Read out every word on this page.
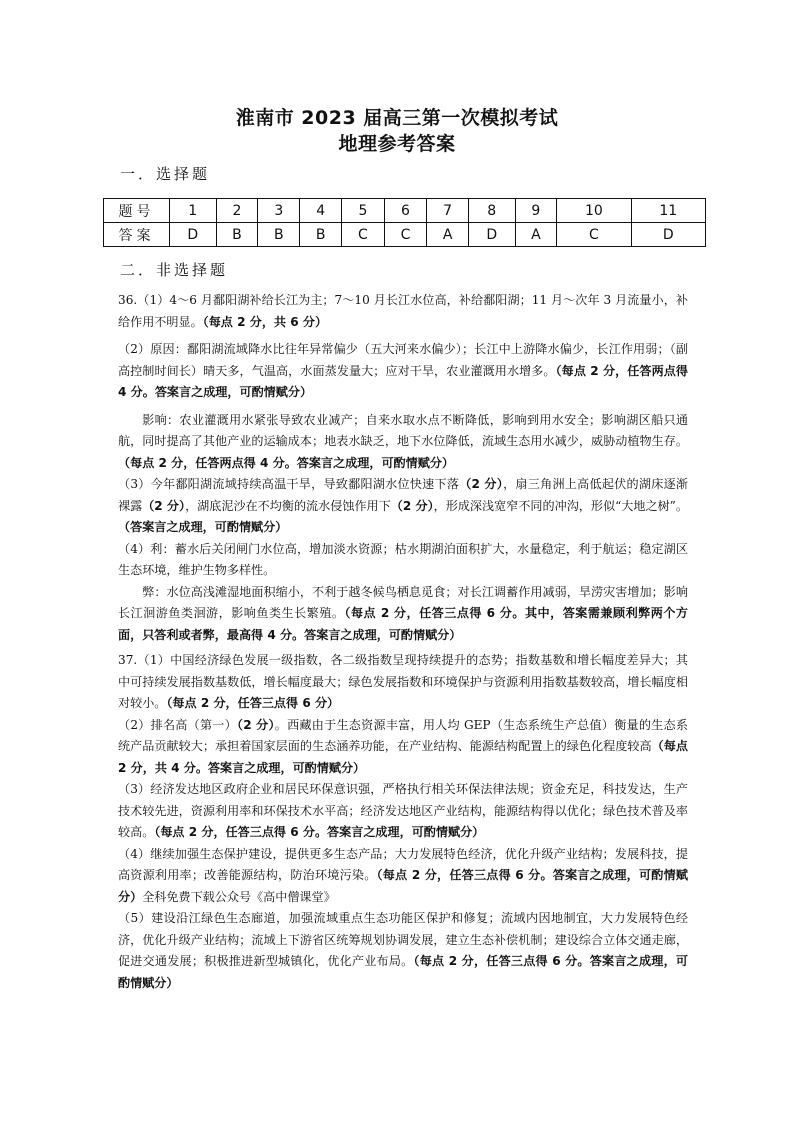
淮南市 2023 届高三第一次模拟考试
地理参考答案
一．选择题
题号	1	2	3	4	5	6	7	8	9	10	11
答案	D	B	B	B	C	C	A	D	A	C	D
二．非选择题

36.（1）4～6 月鄱阳湖补给长江为主；7～10 月长江水位高，补给鄱阳湖；11 月～次年 3 月流量小，补给作用不明显。（每点 2 分，共 6 分）

（2）原因：鄱阳湖流域降水比往年异常偏少（五大河来水偏少）；长江中上游降水偏少，长江作用弱；（副高控制时间长）晴天多，气温高，水面蒸发量大；应对干旱，农业灌溉用水增多。（每点 2 分，任答两点得 4 分。答案言之成理，可酌情赋分）

影响：农业灌溉用水紧张导致农业减产；自来水取水点不断降低，影响到用水安全；影响湖区船只通航，同时提高了其他产业的运输成本；地表水缺乏，地下水位降低，流域生态用水减少，威胁动植物生存。（每点 2 分，任答两点得 4 分。答案言之成理，可酌情赋分）

（3）今年鄱阳湖流域持续高温干旱，导致鄱阳湖水位快速下落（2 分），扇三角洲上高低起伏的湖床逐渐裸露（2 分），湖底泥沙在不均衡的流水侵蚀作用下（2 分），形成深浅宽窄不同的冲沟，形似“大地之树”。（答案言之成理，可酌情赋分）

（4）利：蓄水后关闭闸门水位高，增加淡水资源；枯水期湖泊面积扩大，水量稳定，利于航运；稳定湖区生态环境，维护生物多样性。

弊：水位高浅滩湿地面积缩小，不利于越冬候鸟栖息觅食；对长江调蓄作用减弱，旱涝灾害增加；影响长江洄游鱼类洄游，影响鱼类生长繁殖。（每点 2 分，任答三点得 6 分。其中，答案需兼顾利弊两个方面，只答利或者弊，最高得 4 分。答案言之成理，可酌情赋分）

37.（1）中国经济绿色发展一级指数，各二级指数呈现持续提升的态势；指数基数和增长幅度差异大；其中可持续发展指数基数低，增长幅度最大；绿色发展指数和环境保护与资源利用指数基数较高，增长幅度相对较小。（每点 2 分，任答三点得 6 分）

（2）排名高（第一）（2 分）。西藏由于生态资源丰富，用人均 GEP（生态系统生产总值）衡量的生态系统产品贡献较大；承担着国家层面的生态涵养功能，在产业结构、能源结构配置上的绿色化程度较高（每点 2 分，共 4 分。答案言之成理，可酌情赋分）

（3）经济发达地区政府企业和居民环保意识强，严格执行相关环保法律法规；资金充足，科技发达，生产技术较先进，资源利用率和环保技术水平高；经济发达地区产业结构，能源结构得以优化；绿色技术普及率较高。（每点 2 分，任答三点得 6 分。答案言之成理，可酌情赋分）

（4）继续加强生态保护建设，提供更多生态产品；大力发展特色经济，优化升级产业结构；发展科技，提高资源利用率；改善能源结构，防治环境污染。（每点 2 分，任答三点得 6 分。答案言之成理，可酌情赋分）全科免费下载公众号《高中僧课堂》

（5）建设沿江绿色生态廊道，加强流域重点生态功能区保护和修复；流域内因地制宜，大力发展特色经济，优化升级产业结构；流域上下游省区统筹规划协调发展，建立生态补偿机制；建设综合立体交通走廊，促进交通发展；积极推进新型城镇化，优化产业布局。（每点 2 分，任答三点得 6 分。答案言之成理，可酌情赋分）
